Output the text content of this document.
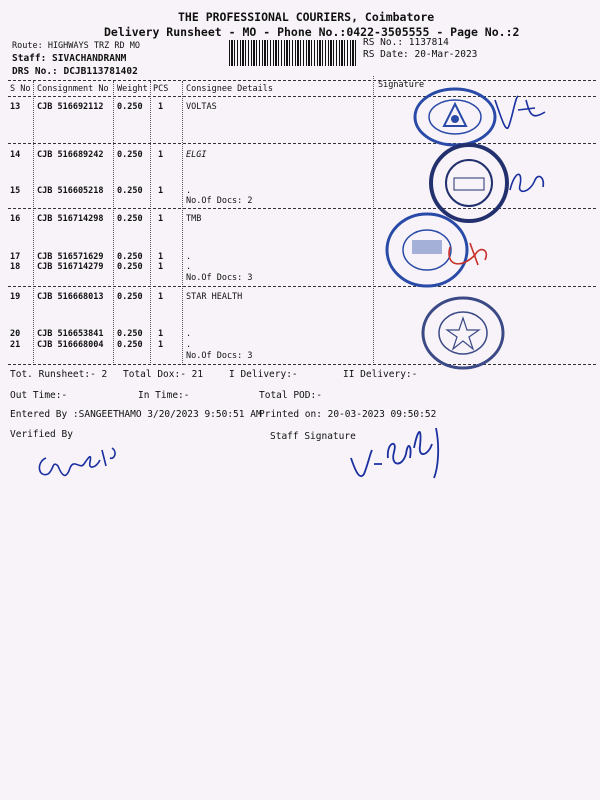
THE PROFESSIONAL COURIERS, Coimbatore
Delivery Runsheet - MO - Phone No.:0422-3505555 - Page No.:2
Route: HIGHWAYS TRZ RD MO
Staff: SIVACHANDRANM
DRS No.: DCJB113781402
RS No.: 1137814
RS Date: 20-Mar-2023
S No Consignment No Weight PCS Consignee Details	Signature
13 CJB 516692112 0.250 1	VOLTAS
14 CJB 516689242 0.250 1	ELGI
15 CJB 516605218 0.250 1	.
No.Of Docs: 2
16 CJB 516714298 0.250 1	TMB
17 CJB 516571629 0.250 1	.
18 CJB 516714279 0.250 1	.
No.Of Docs: 3
19 CJB 516668013 0.250 1	STAR HEALTH
20 CJB 516653841 0.250 1	.
21 CJB 516668004 0.250 1	.
No.Of Docs: 3
Tot. Runsheet:- 2 Total Dox:- 21	I Delivery:-	II Delivery:-
Out Time:-	In Time:-	Total POD:-
Entered By :SANGEETHAMO 3/20/2023 9:50:51 AM
Printed on: 20-03-2023 09:50:52
Verified By	Staff Signature
